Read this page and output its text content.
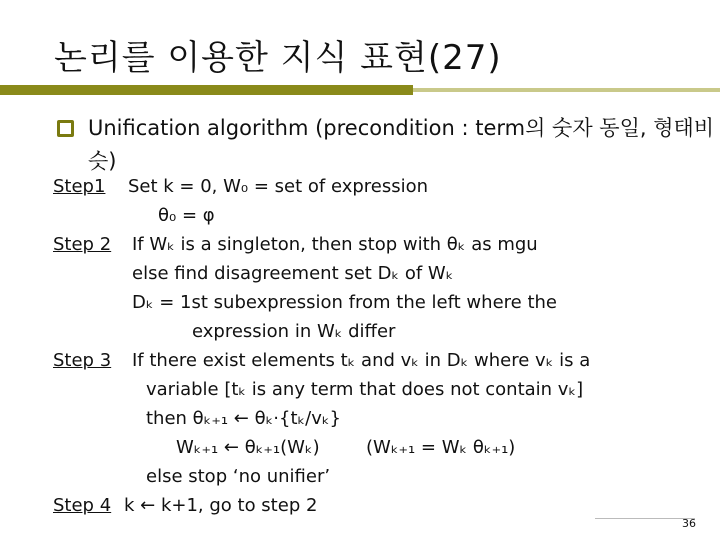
논리를 이용한 지식 표현(27)
Unification algorithm (precondition : term의 숫자 동일, 형태비슷)
Step1 Set k = 0, W₀ = set of expression
θ₀ = φ
Step 2 If Wₖ is a singleton, then stop with θₖ as mgu
else find disagreement set Dₖ of Wₖ
Dₖ = 1st subexpression from the left where the
expression in Wₖ differ
Step 3 If there exist elements tₖ and vₖ in Dₖ where vₖ is a
variable [tₖ is any term that does not contain vₖ]
then θₖ₊₁ ← θₖ·{tₖ/vₖ}
Wₖ₊₁ ← θₖ₊₁(Wₖ)	(Wₖ₊₁ = Wₖ θₖ₊₁)
else stop ‘no unifier’
Step 4 k ← k+1, go to step 2
36
